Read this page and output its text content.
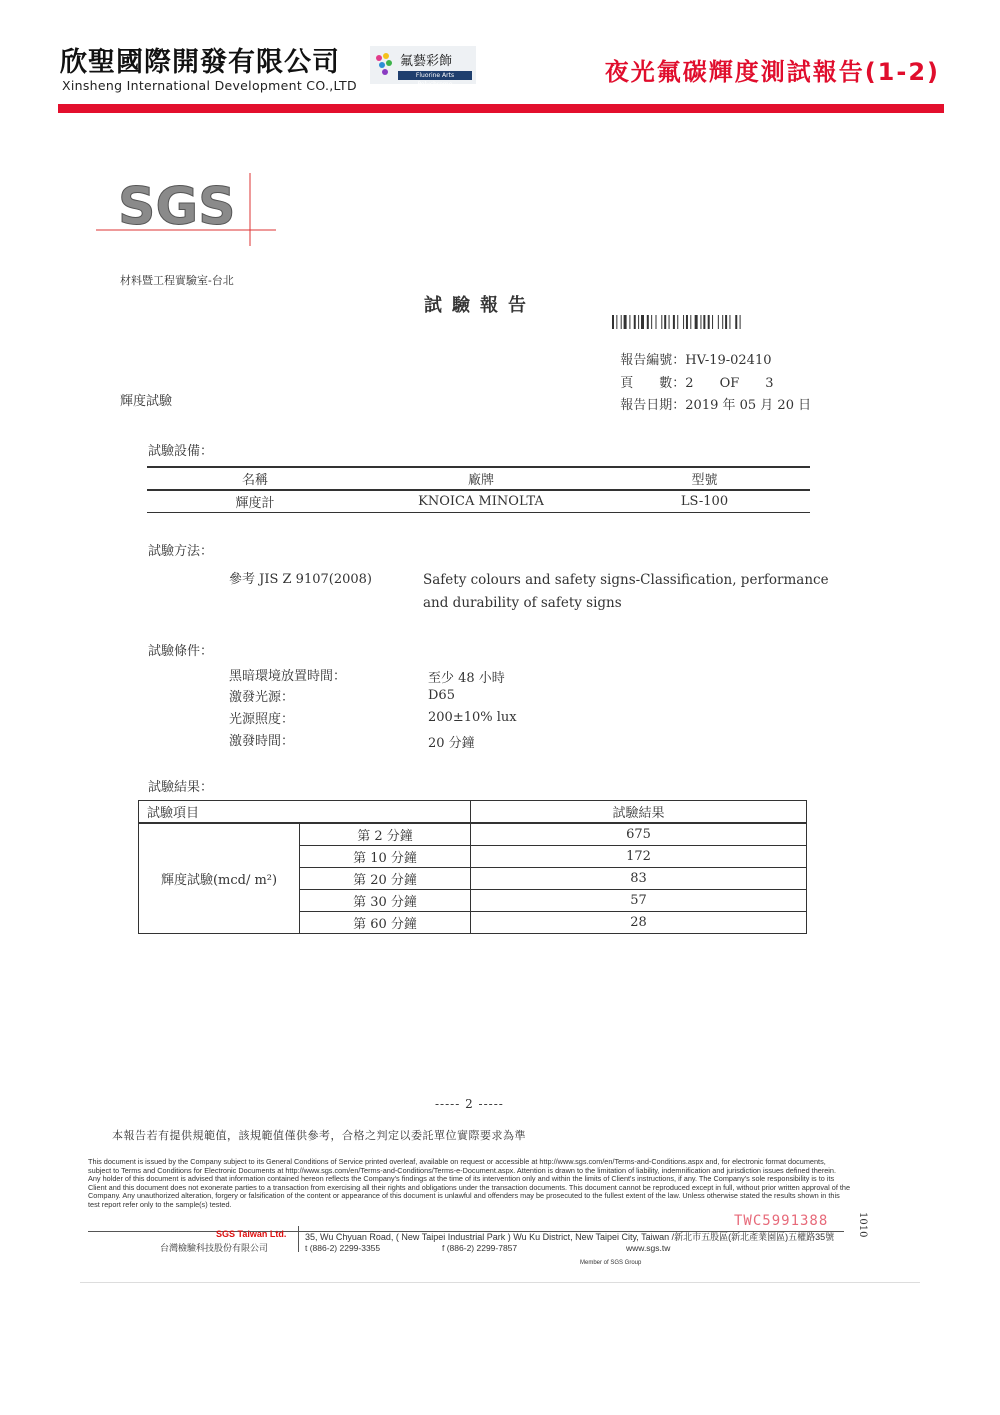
欣聖國際開發有限公司
Xinsheng International Development CO.,LTD
氟藝彩飾
Fluorine Arts Polychrome	夜光氟碳輝度測試報告(1-2)
SGS
材料暨工程實驗室-台北
試驗報告

報告編號：HV-19-02410

頁　　數：2 OF 3

報告日期：2019 年 05 月 20 日

輝度試驗
試驗設備：
名稱	廠牌	型號
輝度計	KNOICA MINOLTA	LS-100
試驗方法：
參考 JIS Z 9107(2008)	Safety colours and safety signs-Classification, performance
and durability of safety signs
試驗條件：
黑暗環境放置時間：	至少 48 小時
激發光源：	D65
光源照度：	200±10% lux
激發時間：	20 分鐘
試驗結果：
試驗項目		試驗結果
輝度試驗(mcd/ m²)	第 2 分鐘	675
	第 10 分鐘	172
	第 20 分鐘	83
	第 30 分鐘	57
	第 60 分鐘	28
----- 2 -----
本報告若有提供規範值，該規範值僅供參考，合格之判定以委託單位實際要求為準
This document is issued by the Company subject to its General Conditions of Service printed overleaf, available on request or accessible at http://www.sgs.com/en/Terms-and-Conditions.aspx and, for electronic format documents, subject to Terms and Conditions for Electronic Documents at http://www.sgs.com/en/Terms-and-Conditions/Terms-e-Document.aspx. Attention is drawn to the limitation of liability, indemnification and jurisdiction issues defined therein. Any holder of this document is advised that information contained hereon reflects the Company's findings at the time of its intervention only and within the limits of Client's instructions, if any. The Company's sole responsibility is to its Client and this document does not exonerate parties to a transaction from exercising all their rights and obligations under the transaction documents. This document cannot be reproduced except in full, without prior written approval of the Company. Any unauthorized alteration, forgery or falsification of the content or appearance of this document is unlawful and offenders may be prosecuted to the fullest extent of the law. Unless otherwise stated the results shown in this test report refer only to the sample(s) tested.
SGS Taiwan Ltd.
台灣檢驗科技股份有限公司
35, Wu Chyuan Road, ( New Taipei Industrial Park ) Wu Ku District, New Taipei City, Taiwan /新北市五股區(新北產業園區)五權路35號
t (886-2) 2299-3355	f (886-2) 2299-7857	www.sgs.tw
TWC5991388	1010
Member of SGS Group
